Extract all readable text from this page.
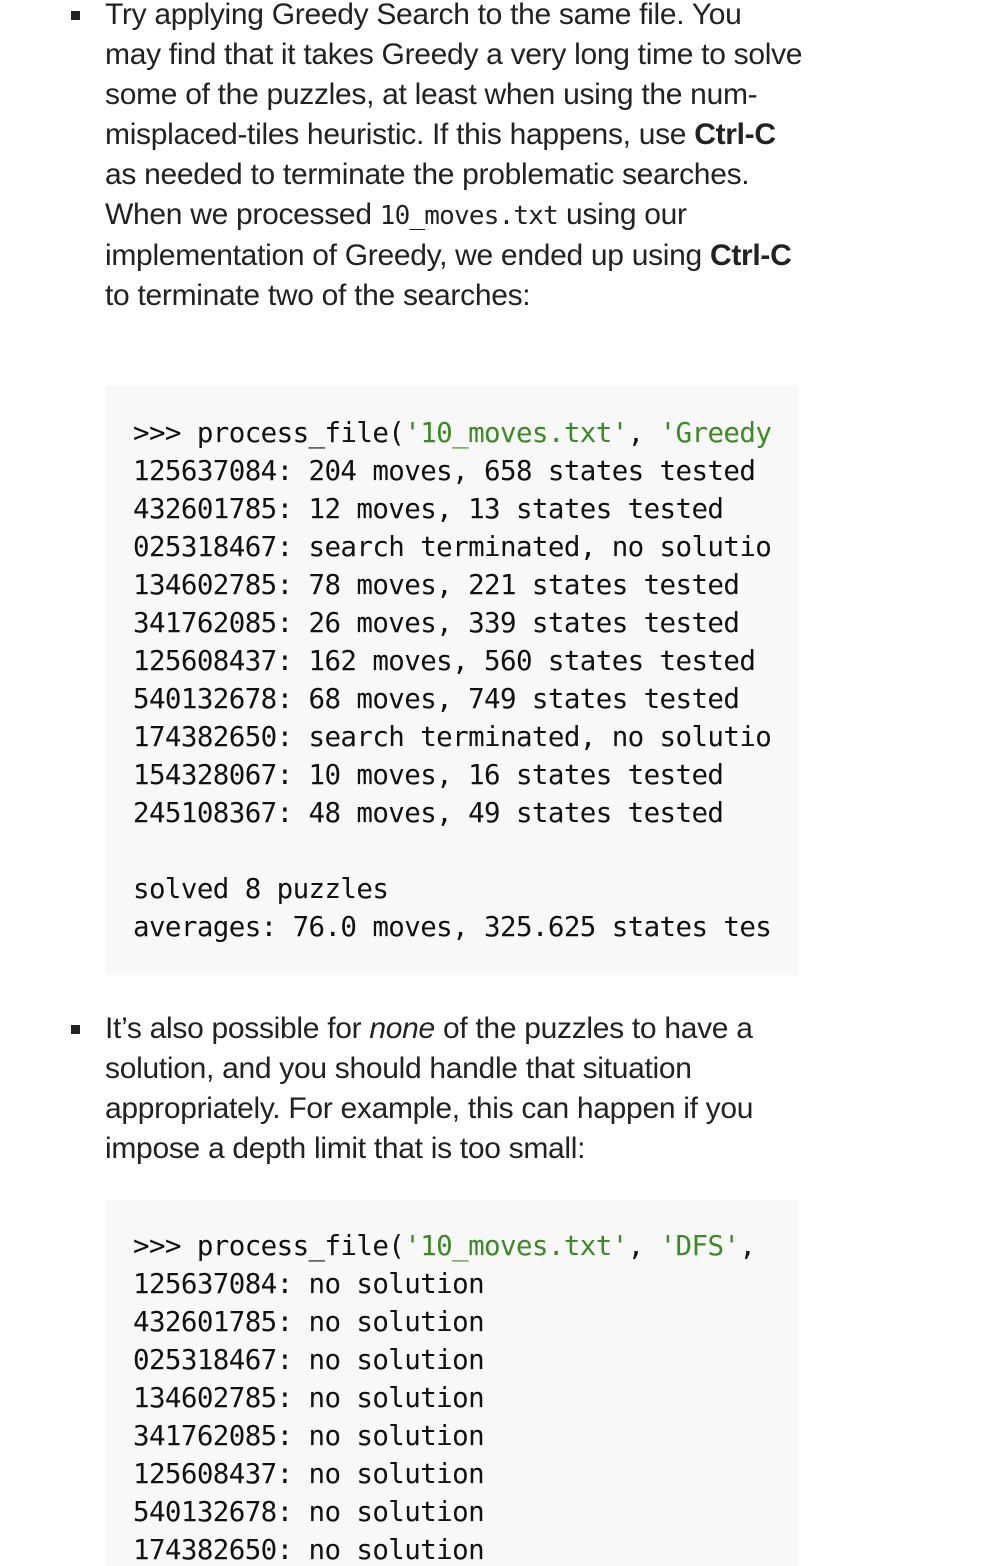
Try applying Greedy Search to the same file. You may find that it takes Greedy a very long time to solve some of the puzzles, at least when using the num-misplaced-tiles heuristic. If this happens, use Ctrl-C as needed to terminate the problematic searches. When we processed 10_moves.txt using our implementation of Greedy, we ended up using Ctrl-C to terminate two of the searches:
>>> process_file('10_moves.txt', 'Greedy
125637084: 204 moves, 658 states tested
432601785: 12 moves, 13 states tested
025318467: search terminated, no solutio
134602785: 78 moves, 221 states tested
341762085: 26 moves, 339 states tested
125608437: 162 moves, 560 states tested
540132678: 68 moves, 749 states tested
174382650: search terminated, no solutio
154328067: 10 moves, 16 states tested
245108367: 48 moves, 49 states tested
solved 8 puzzles
averages: 76.0 moves, 325.625 states tes
It’s also possible for none of the puzzles to have a solution, and you should handle that situation appropriately. For example, this can happen if you impose a depth limit that is too small:
>>> process_file('10_moves.txt', 'DFS',
125637084: no solution
432601785: no solution
025318467: no solution
134602785: no solution
341762085: no solution
125608437: no solution
540132678: no solution
174382650: no solution
